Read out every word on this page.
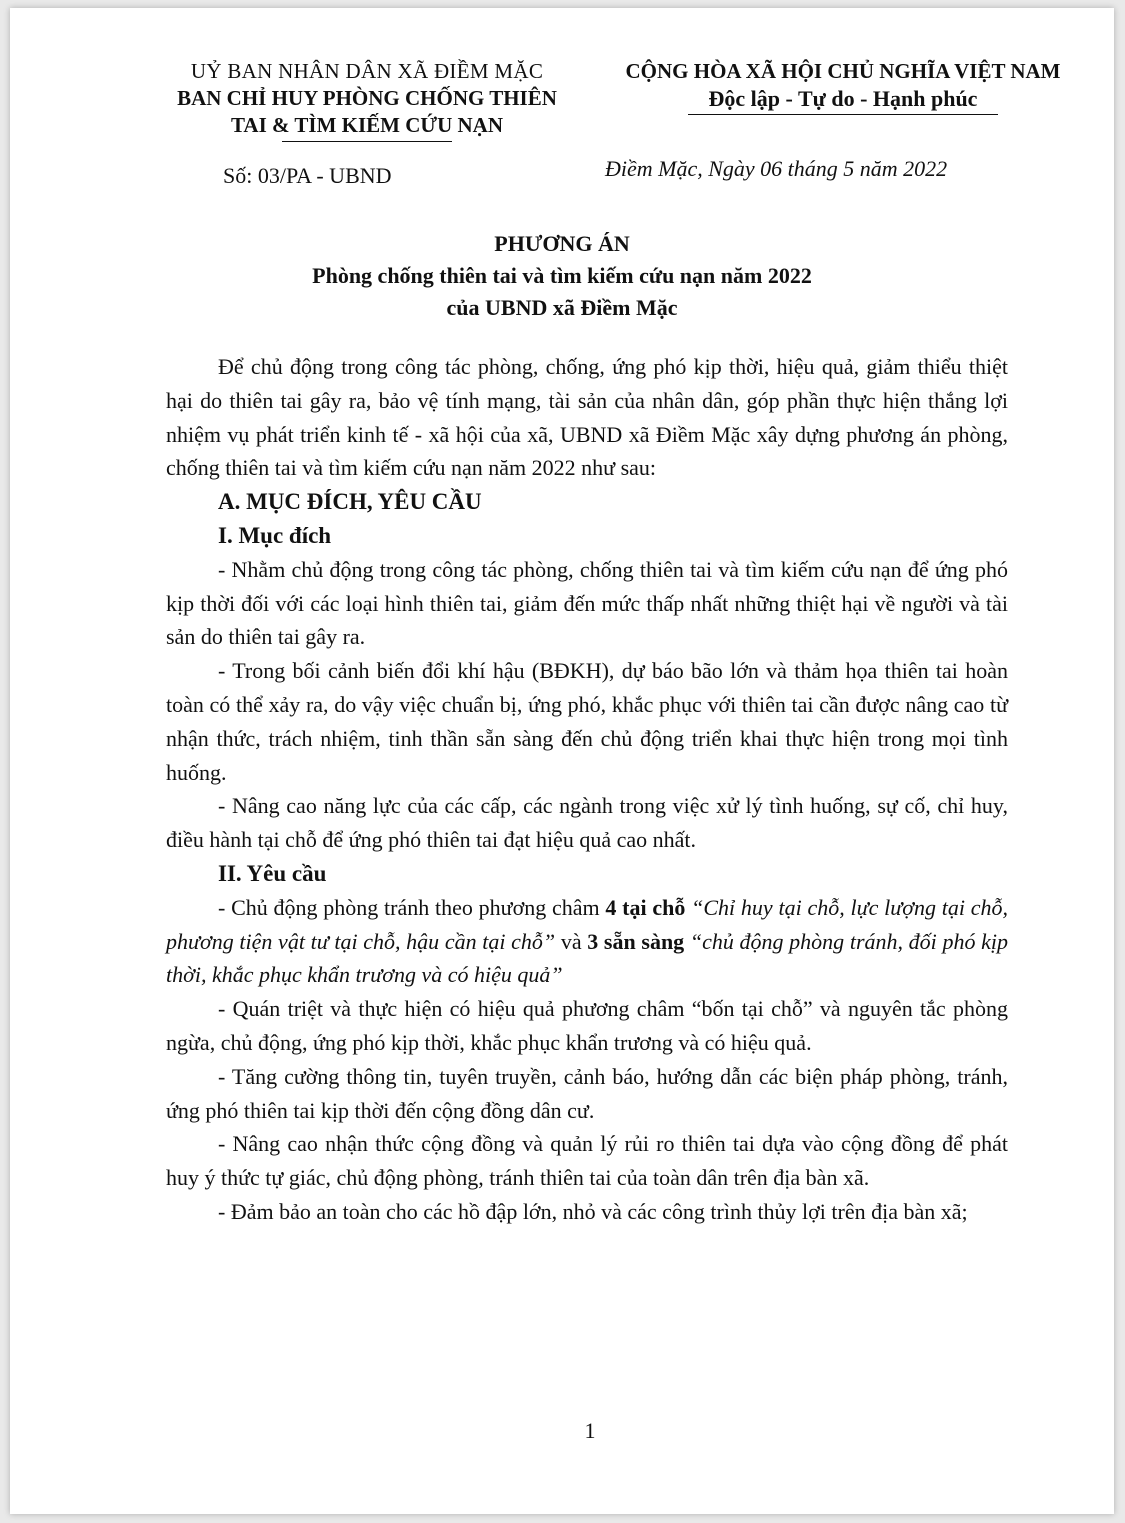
UỶ BAN NHÂN DÂN XÃ ĐIỀM MẶC
BAN CHỈ HUY PHÒNG CHỐNG THIÊN
TAI & TÌM KIẾM CỨU NẠN
CỘNG HÒA XÃ HỘI CHỦ NGHĨA VIỆT NAM
Độc lập - Tự do - Hạnh phúc
Số: 03/PA - UBND	Điềm Mặc, Ngày 06 tháng 5 năm 2022
PHƯƠNG ÁN
Phòng chống thiên tai và tìm kiếm cứu nạn năm 2022
của UBND xã Điềm Mặc

Để chủ động trong công tác phòng, chống, ứng phó kịp thời, hiệu quả, giảm thiểu thiệt hại do thiên tai gây ra, bảo vệ tính mạng, tài sản của nhân dân, góp phần thực hiện thắng lợi nhiệm vụ phát triển kinh tế - xã hội của xã, UBND xã Điềm Mặc xây dựng phương án phòng, chống thiên tai và tìm kiếm cứu nạn năm 2022 như sau:

A. MỤC ĐÍCH, YÊU CẦU
I. Mục đích

- Nhằm chủ động trong công tác phòng, chống thiên tai và tìm kiếm cứu nạn để ứng phó kịp thời đối với các loại hình thiên tai, giảm đến mức thấp nhất những thiệt hại về người và tài sản do thiên tai gây ra.

- Trong bối cảnh biến đổi khí hậu (BĐKH), dự báo bão lớn và thảm họa thiên tai hoàn toàn có thể xảy ra, do vậy việc chuẩn bị, ứng phó, khắc phục với thiên tai cần được nâng cao từ nhận thức, trách nhiệm, tinh thần sẵn sàng đến chủ động triển khai thực hiện trong mọi tình huống.

- Nâng cao năng lực của các cấp, các ngành trong việc xử lý tình huống, sự cố, chỉ huy, điều hành tại chỗ để ứng phó thiên tai đạt hiệu quả cao nhất.

II. Yêu cầu

- Chủ động phòng tránh theo phương châm 4 tại chỗ “Chỉ huy tại chỗ, lực lượng tại chỗ, phương tiện vật tư tại chỗ, hậu cần tại chỗ” và 3 sẵn sàng “chủ động phòng tránh, đối phó kịp thời, khắc phục khẩn trương và có hiệu quả”

- Quán triệt và thực hiện có hiệu quả phương châm “bốn tại chỗ” và nguyên tắc phòng ngừa, chủ động, ứng phó kịp thời, khắc phục khẩn trương và có hiệu quả.

- Tăng cường thông tin, tuyên truyền, cảnh báo, hướng dẫn các biện pháp phòng, tránh, ứng phó thiên tai kịp thời đến cộng đồng dân cư.

- Nâng cao nhận thức cộng đồng và quản lý rủi ro thiên tai dựa vào cộng đồng để phát huy ý thức tự giác, chủ động phòng, tránh thiên tai của toàn dân trên địa bàn xã.

- Đảm bảo an toàn cho các hồ đập lớn, nhỏ và các công trình thủy lợi trên địa bàn xã;

1
